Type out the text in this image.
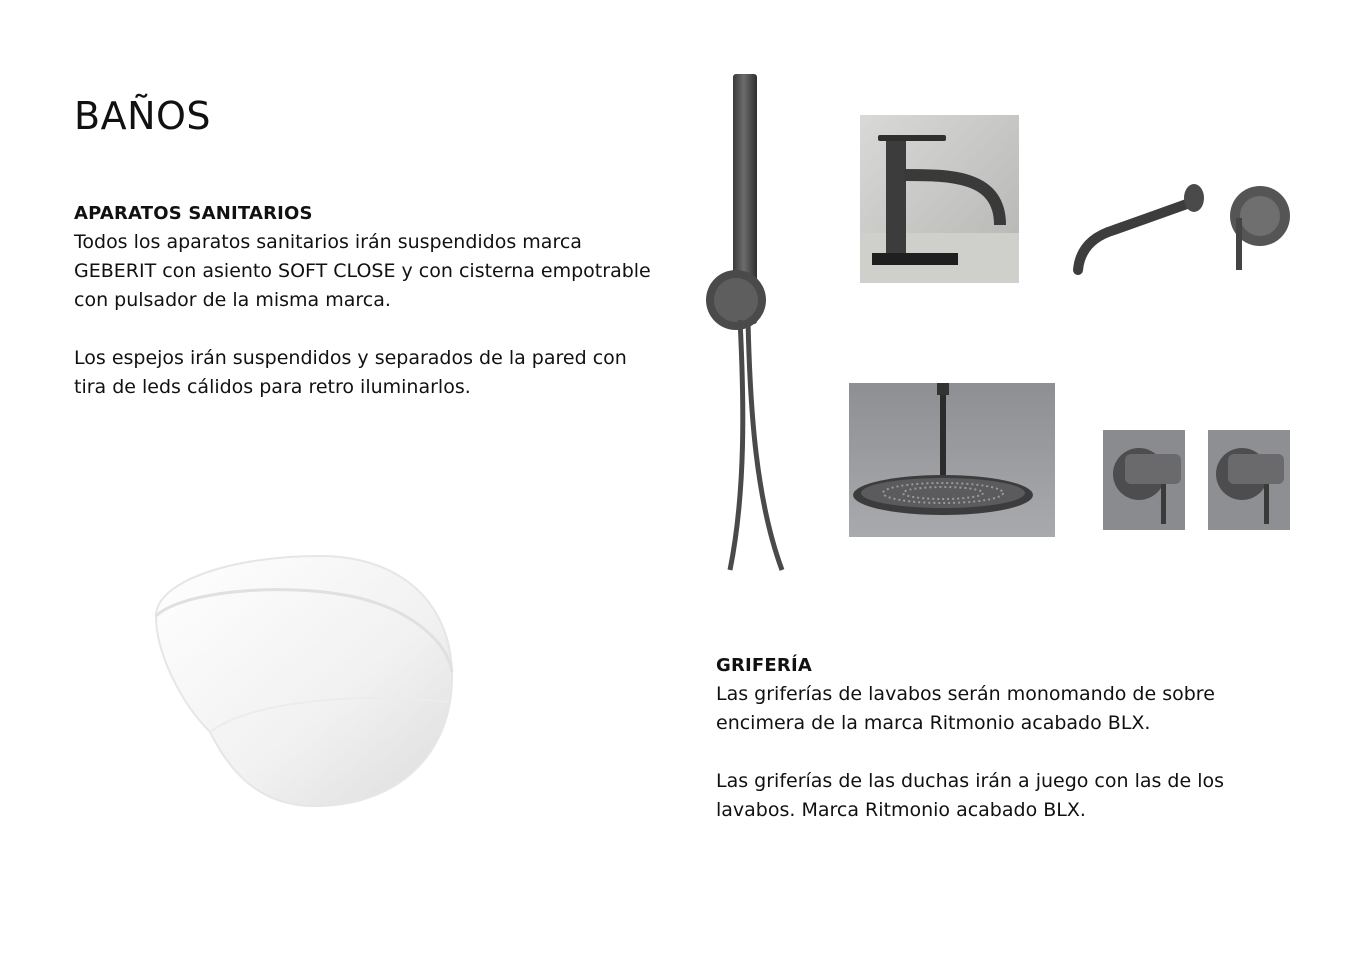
BAÑOS
APARATOS SANITARIOS

Todos los aparatos sanitarios irán suspendidos marca GEBERIT con asiento SOFT CLOSE y con cisterna empotrable con pulsador de la misma marca.

Los espejos irán suspendidos y separados de la pared con tira de leds cálidos para retro iluminarlos.

GRIFERÍA

Las griferías de lavabos serán monomando de sobre encimera de la marca Ritmonio acabado BLX.

Las griferías de las duchas irán a juego con las de los lavabos. Marca Ritmonio acabado BLX.
